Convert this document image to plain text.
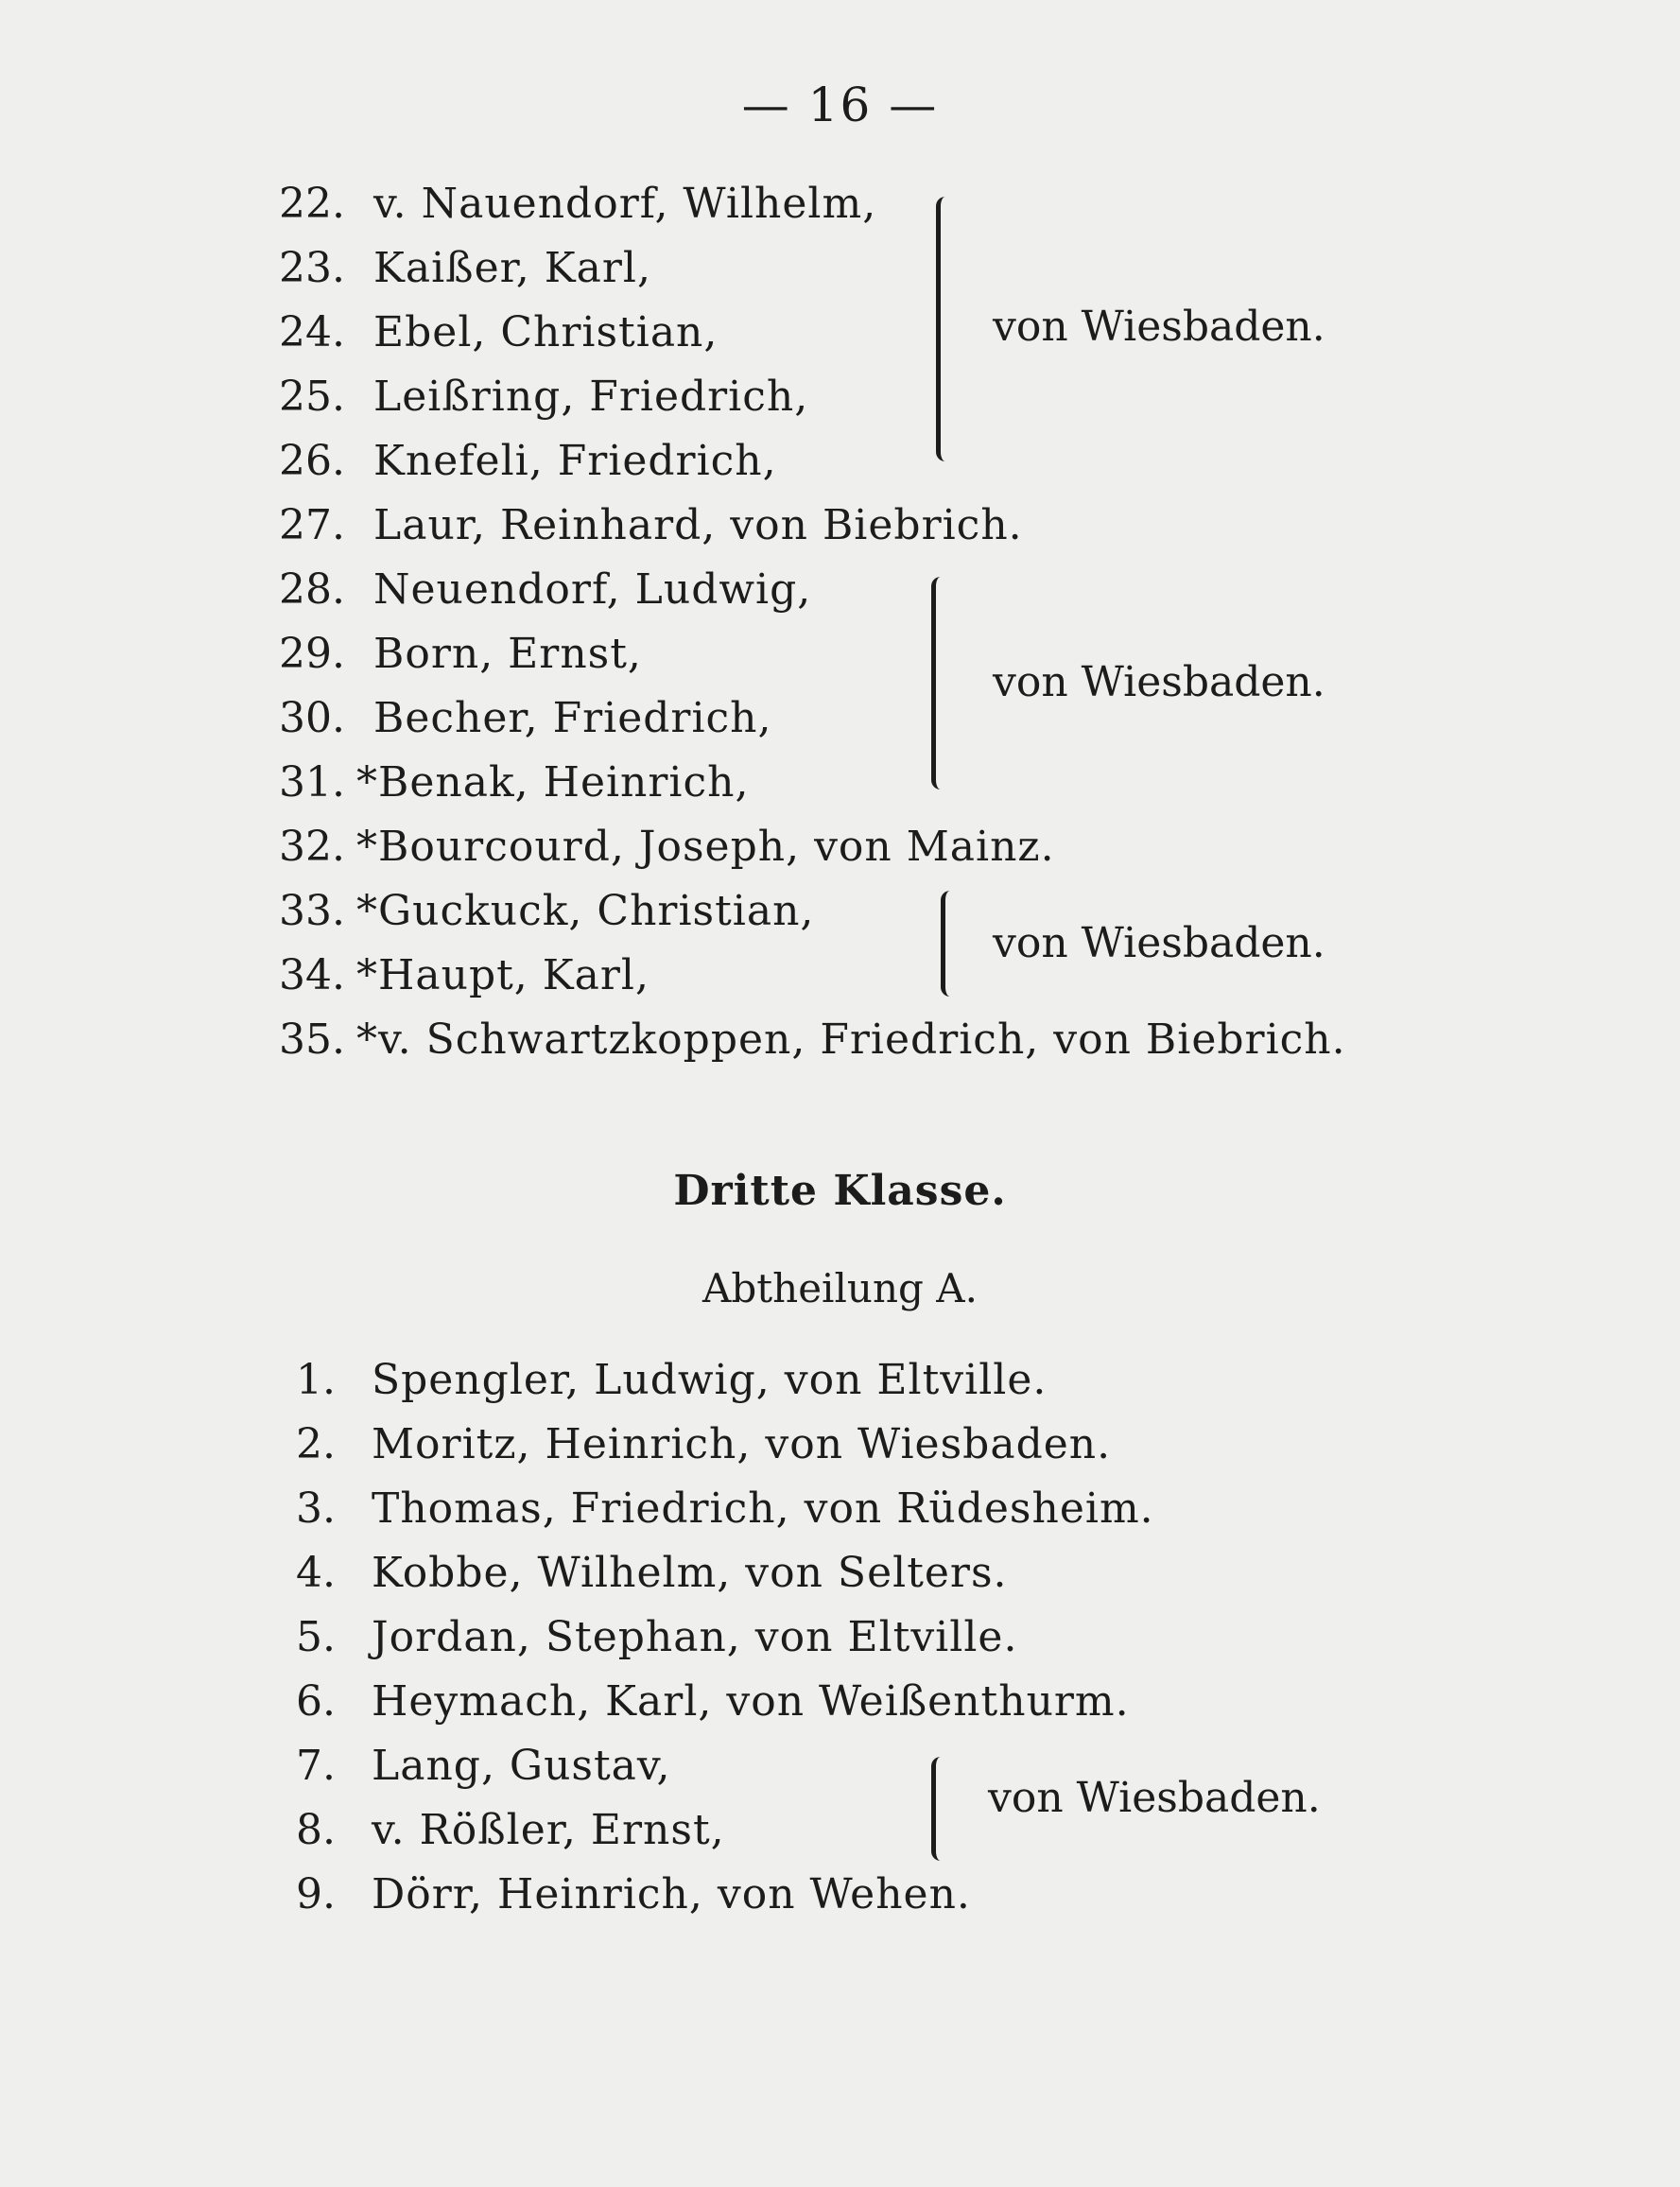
— 16 —
22. v. Nauendorf, Wilhelm,
23. Kaißer, Karl,
24. Ebel, Christian,
25. Leißring, Friedrich,
26. Knefeli, Friedrich,
27. Laur, Reinhard, von Biebrich.
28. Neuendorf, Ludwig,
29. Born, Ernst,
30. Becher, Friedrich,
31. *Benak, Heinrich,
32. *Bourcourd, Joseph, von Mainz.
33. *Guckuck, Christian,
34. *Haupt, Karl,
35. *v. Schwartzkoppen, Friedrich, von Biebrich.
von Wiesbaden.
von Wiesbaden.
von Wiesbaden.
Dritte Klasse.
Abtheilung A.
1. Spengler, Ludwig, von Eltville.
2. Moritz, Heinrich, von Wiesbaden.
3. Thomas, Friedrich, von Rüdesheim.
4. Kobbe, Wilhelm, von Selters.
5. Jordan, Stephan, von Eltville.
6. Heymach, Karl, von Weißenthurm.
7. Lang, Gustav,
8. v. Rößler, Ernst,
9. Dörr, Heinrich, von Wehen.
von Wiesbaden.
